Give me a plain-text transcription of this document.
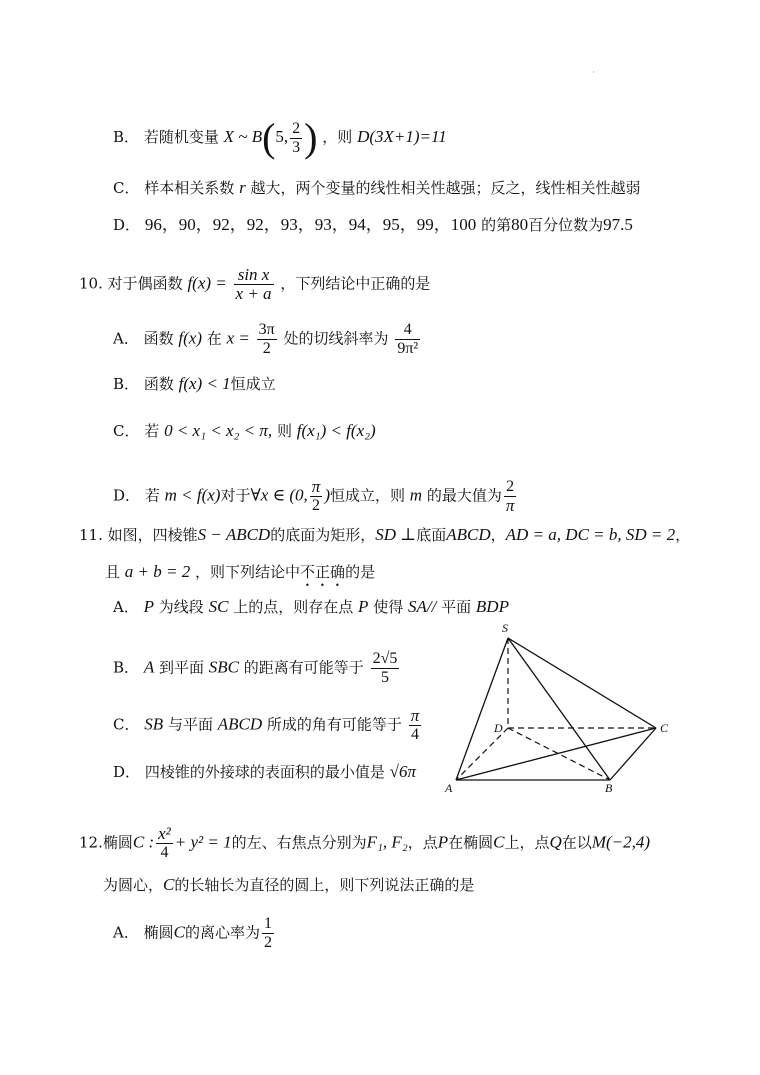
·
B． 若随机变量 X ~ B(5, $\frac{2}{3}$ ) ，则 D(3X+1)=11
C． 样本相关系数 r 越大，两个变量的线性相关性越强；反之，线性相关性越弱
D． 96，90，92，92，93，93，94，95，99，100 的第80百分位数为97.5
10. 对于偶函数 $f(x) = \frac{\text{sin x}}{x + a}$ ，下列结论中正确的是
A． 函数 f(x) 在 $x = \frac{3\pi}{2}$ 处的切线斜率为 $\frac{4}{\text{9π²}}$
B． 函数 f(x) < 1恒成立
C． 若 0 < x₁ < x₂ < π, 则 f(x₁) < f(x₂)
D． 若 m < f(x)对于∀x ∈ (0, $\frac{\pi}{2}$ )恒成立，则 m 的最大值为 $\frac{2}{\pi}$
11. 如图，四棱锥S − ABCD的底面为矩形，SD ⊥底面ABCD，AD = a, DC = b, SD = 2，
且 a + b = 2 ，则下列结论中不正确的是
A． P 为线段 SC 上的点，则存在点 P 使得 SA// 平面 BDP
B． A 到平面 SBC 的距离有可能等于 $\frac{2√5}{5}$
C． SB 与平面 ABCD 所成的角有可能等于 $\frac{\pi}{4}$
D． 四棱锥的外接球的表面积的最小值是 √6π
S
D	C
A	B
12.椭圆C : $\frac{\text{x²}}{4} + y^2 = 1$的左、右焦点分别为F₁, F₂，点P在椭圆C上，点Q在以M(−2,4)
为圆心，C的长轴长为直径的圆上，则下列说法正确的是
A． 椭圆C的离心率为 $\frac{1}{2}$
